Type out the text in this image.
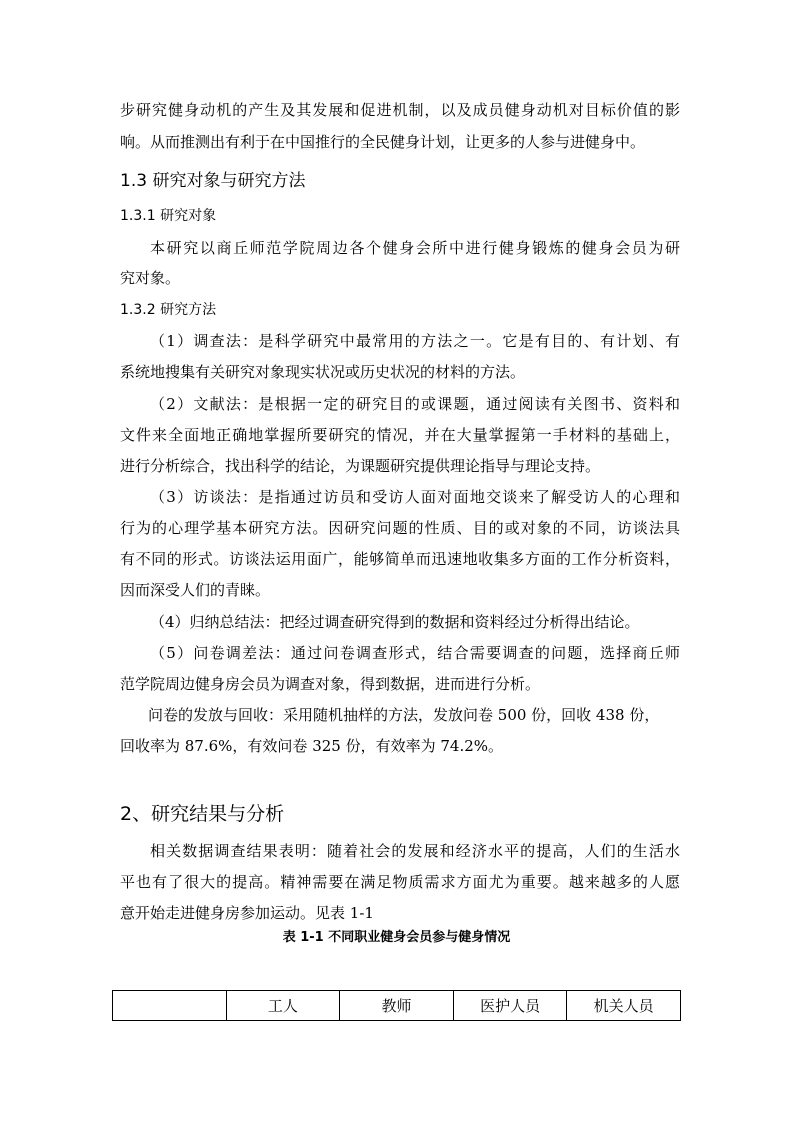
步研究健身动机的产生及其发展和促进机制，以及成员健身动机对目标价值的影
响。从而推测出有利于在中国推行的全民健身计划，让更多的人参与进健身中。
1.3 研究对象与研究方法
1.3.1 研究对象
本研究以商丘师范学院周边各个健身会所中进行健身锻炼的健身会员为研
究对象。
1.3.2 研究方法
（1）调查法：是科学研究中最常用的方法之一。它是有目的、有计划、有
系统地搜集有关研究对象现实状况或历史状况的材料的方法。
（2）文献法：是根据一定的研究目的或课题，通过阅读有关图书、资料和
文件来全面地正确地掌握所要研究的情况，并在大量掌握第一手材料的基础上，
进行分析综合，找出科学的结论，为课题研究提供理论指导与理论支持。
（3）访谈法：是指通过访员和受访人面对面地交谈来了解受访人的心理和
行为的心理学基本研究方法。因研究问题的性质、目的或对象的不同，访谈法具
有不同的形式。访谈法运用面广，能够简单而迅速地收集多方面的工作分析资料，
因而深受人们的青睐。
（4）归纳总结法：把经过调查研究得到的数据和资料经过分析得出结论。
（5）问卷调差法：通过问卷调查形式，结合需要调查的问题，选择商丘师
范学院周边健身房会员为调查对象，得到数据，进而进行分析。
问卷的发放与回收：采用随机抽样的方法，发放问卷 500 份，回收 438 份，
回收率为 87.6%，有效问卷 325 份，有效率为 74.2%。
2、研究结果与分析
相关数据调查结果表明：随着社会的发展和经济水平的提高，人们的生活水
平也有了很大的提高。精神需要在满足物质需求方面尤为重要。越来越多的人愿
意开始走进健身房参加运动。见表 1-1
表 1-1 不同职业健身会员参与健身情况
	工人	教师	医护人员	机关人员
